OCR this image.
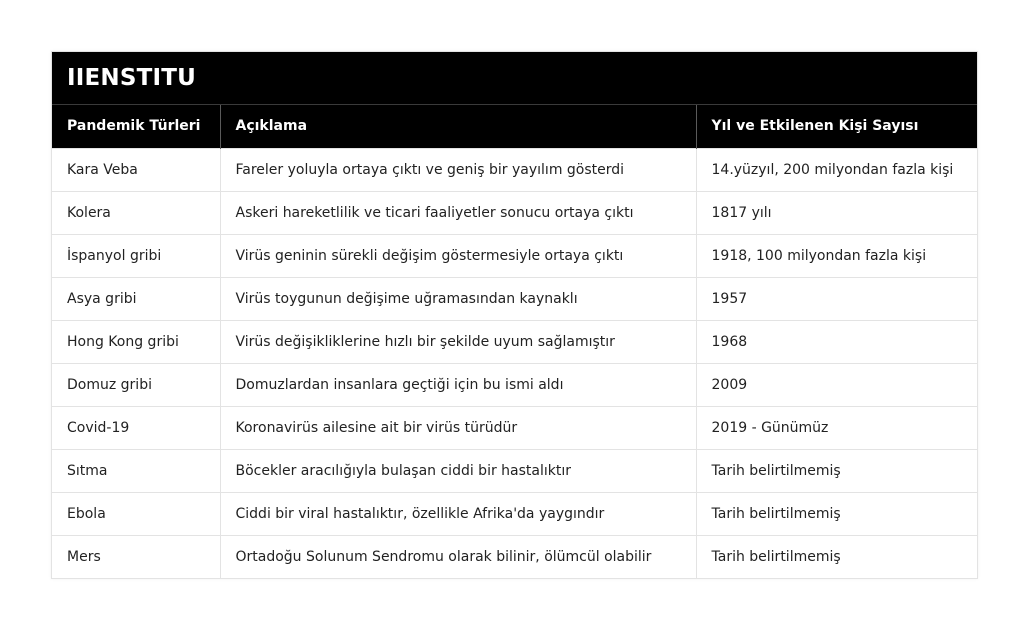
IIENSTITU
Pandemik Türleri	Açıklama	Yıl ve Etkilenen Kişi Sayısı
Kara Veba	Fareler yoluyla ortaya çıktı ve geniş bir yayılım gösterdi	14.yüzyıl, 200 milyondan fazla kişi
Kolera	Askeri hareketlilik ve ticari faaliyetler sonucu ortaya çıktı	1817 yılı
İspanyol gribi	Virüs geninin sürekli değişim göstermesiyle ortaya çıktı	1918, 100 milyondan fazla kişi
Asya gribi	Virüs toygunun değişime uğramasından kaynaklı	1957
Hong Kong gribi	Virüs değişikliklerine hızlı bir şekilde uyum sağlamıştır	1968
Domuz gribi	Domuzlardan insanlara geçtiği için bu ismi aldı	2009
Covid-19	Koronavirüs ailesine ait bir virüs türüdür	2019 - Günümüz
Sıtma	Böcekler aracılığıyla bulaşan ciddi bir hastalıktır	Tarih belirtilmemiş
Ebola	Ciddi bir viral hastalıktır, özellikle Afrika'da yaygındır	Tarih belirtilmemiş
Mers	Ortadoğu Solunum Sendromu olarak bilinir, ölümcül olabilir	Tarih belirtilmemiş
